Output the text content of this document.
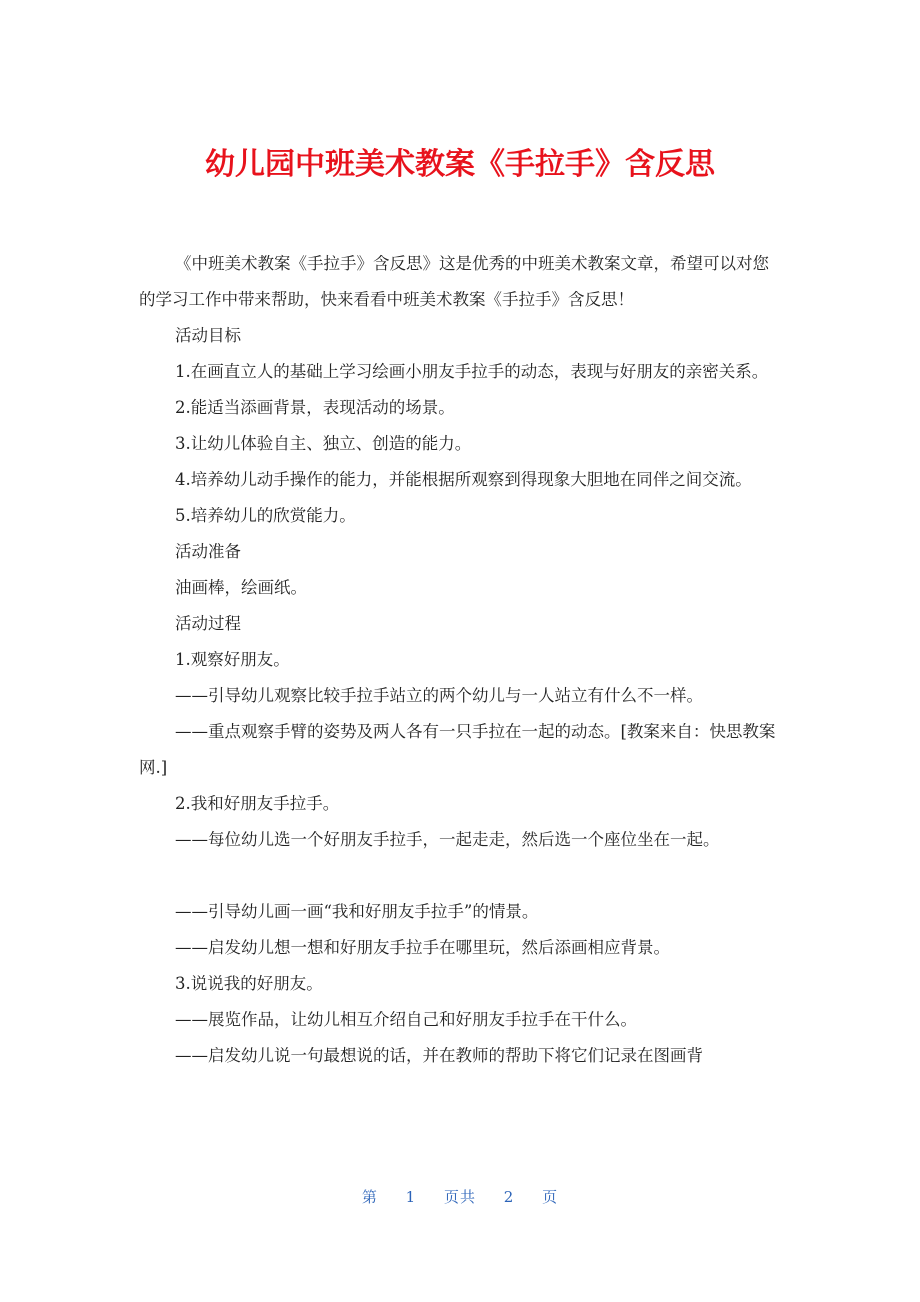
幼儿园中班美术教案《手拉手》含反思

《中班美术教案《手拉手》含反思》这是优秀的中班美术教案文章，希望可以对您的学习工作中带来帮助，快来看看中班美术教案《手拉手》含反思！

活动目标

1.在画直立人的基础上学习绘画小朋友手拉手的动态，表现与好朋友的亲密关系。

2.能适当添画背景，表现活动的场景。

3.让幼儿体验自主、独立、创造的能力。

4.培养幼儿动手操作的能力，并能根据所观察到得现象大胆地在同伴之间交流。

5.培养幼儿的欣赏能力。

活动准备

油画棒，绘画纸。

活动过程

1.观察好朋友。

——引导幼儿观察比较手拉手站立的两个幼儿与一人站立有什么不一样。

——重点观察手臂的姿势及两人各有一只手拉在一起的动态。[教案来自：快思教案网.]

2.我和好朋友手拉手。

——每位幼儿选一个好朋友手拉手，一起走走，然后选一个座位坐在一起。

——引导幼儿画一画“我和好朋友手拉手”的情景。

——启发幼儿想一想和好朋友手拉手在哪里玩，然后添画相应背景。

3.说说我的好朋友。

——展览作品，让幼儿相互介绍自己和好朋友手拉手在干什么。

——启发幼儿说一句最想说的话，并在教师的帮助下将它们记录在图画背

第 1 页共 2 页
